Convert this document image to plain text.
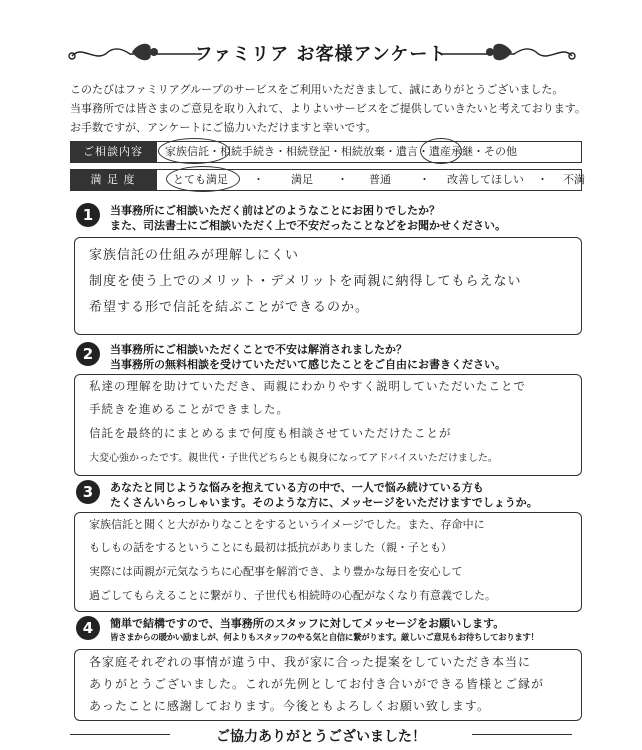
ファミリア お客様アンケート
このたびはファミリアグループのサービスをご利用いただきまして、誠にありがとうございました。
当事務所では皆さまのご意見を取り入れて、よりよいサービスをご提供していきたいと考えております。
お手数ですが、アンケートにご協力いただけますと幸いです。
ご相談内容	家族信託・相続手続き・相続登記・相続放棄・遺言・遺産承継・その他
満 足 度	とても満足 ・ 満足 ・ 普通	・ 改善してほしい ・ 不満
1	当事務所にご相談いただく前はどのようなことにお困りでしたか？
また、司法書士にご相談いただく上で不安だったことなどをお聞かせください。
家族信託の仕組みが理解しにくい
制度を使う上でのメリット・デメリットを両親に納得してもらえない
希望する形で信託を結ぶことができるのか。
2	当事務所にご相談いただくことで不安は解消されましたか？
当事務所の無料相談を受けていただいて感じたことをご自由にお書きください。
私達の理解を助けていただき、両親にわかりやすく説明していただいたことで
手続きを進めることができました。
信託を最終的にまとめるまで何度も相談させていただけたことが
大変心強かったです。親世代・子世代どちらとも親身になってアドバイスいただけました。
3	あなたと同じような悩みを抱えている方の中で、一人で悩み続けている方も
たくさんいらっしゃいます。そのような方に、メッセージをいただけますでしょうか。
家族信託と聞くと大がかりなことをするというイメージでした。また、存命中に
もしもの話をするということにも最初は抵抗がありました（親・子とも）
実際には両親が元気なうちに心配事を解消でき、より豊かな毎日を安心して
過ごしてもらえることに繋がり、子世代も相続時の心配がなくなり有意義でした。
4	簡単で結構ですので、当事務所のスタッフに対してメッセージをお願いします。
皆さまからの暖かい励ましが、何よりもスタッフのやる気と自信に繋がります。厳しいご意見もお待ちしております！
各家庭それぞれの事情が違う中、我が家に合った提案をしていただき本当に
ありがとうございました。これが先例としてお付き合いができる皆様とご縁が
あったことに感謝しております。今後ともよろしくお願い致します。
ご協力ありがとうございました！
